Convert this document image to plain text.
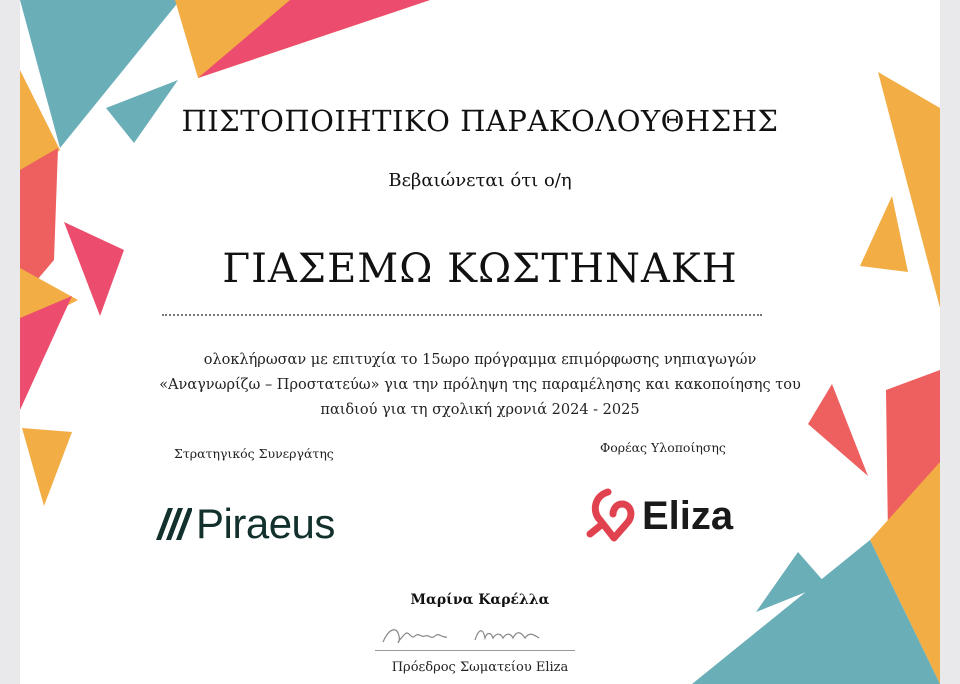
ΠΙΣΤΟΠΟΙΗΤΙΚΟ ΠΑΡΑΚΟΛΟΥΘΗΣΗΣ
Βεβαιώνεται ότι ο/η
ΓΙΑΣΕΜΩ ΚΩΣΤΗΝΑΚΗ
ολοκλήρωσαν με επιτυχία το 15ωρο πρόγραμμα επιμόρφωσης νηπιαγωγών
«Αναγνωρίζω – Προστατεύω» για την πρόληψη της παραμέλησης και κακοποίησης του
παιδιού για τη σχολική χρονιά 2024 - 2025
Στρατηγικός Συνεργάτης	Φορέας Υλοποίησης
Piraeus	Eliza
Μαρίνα Καρέλλα
Πρόεδρος Σωματείου Eliza
